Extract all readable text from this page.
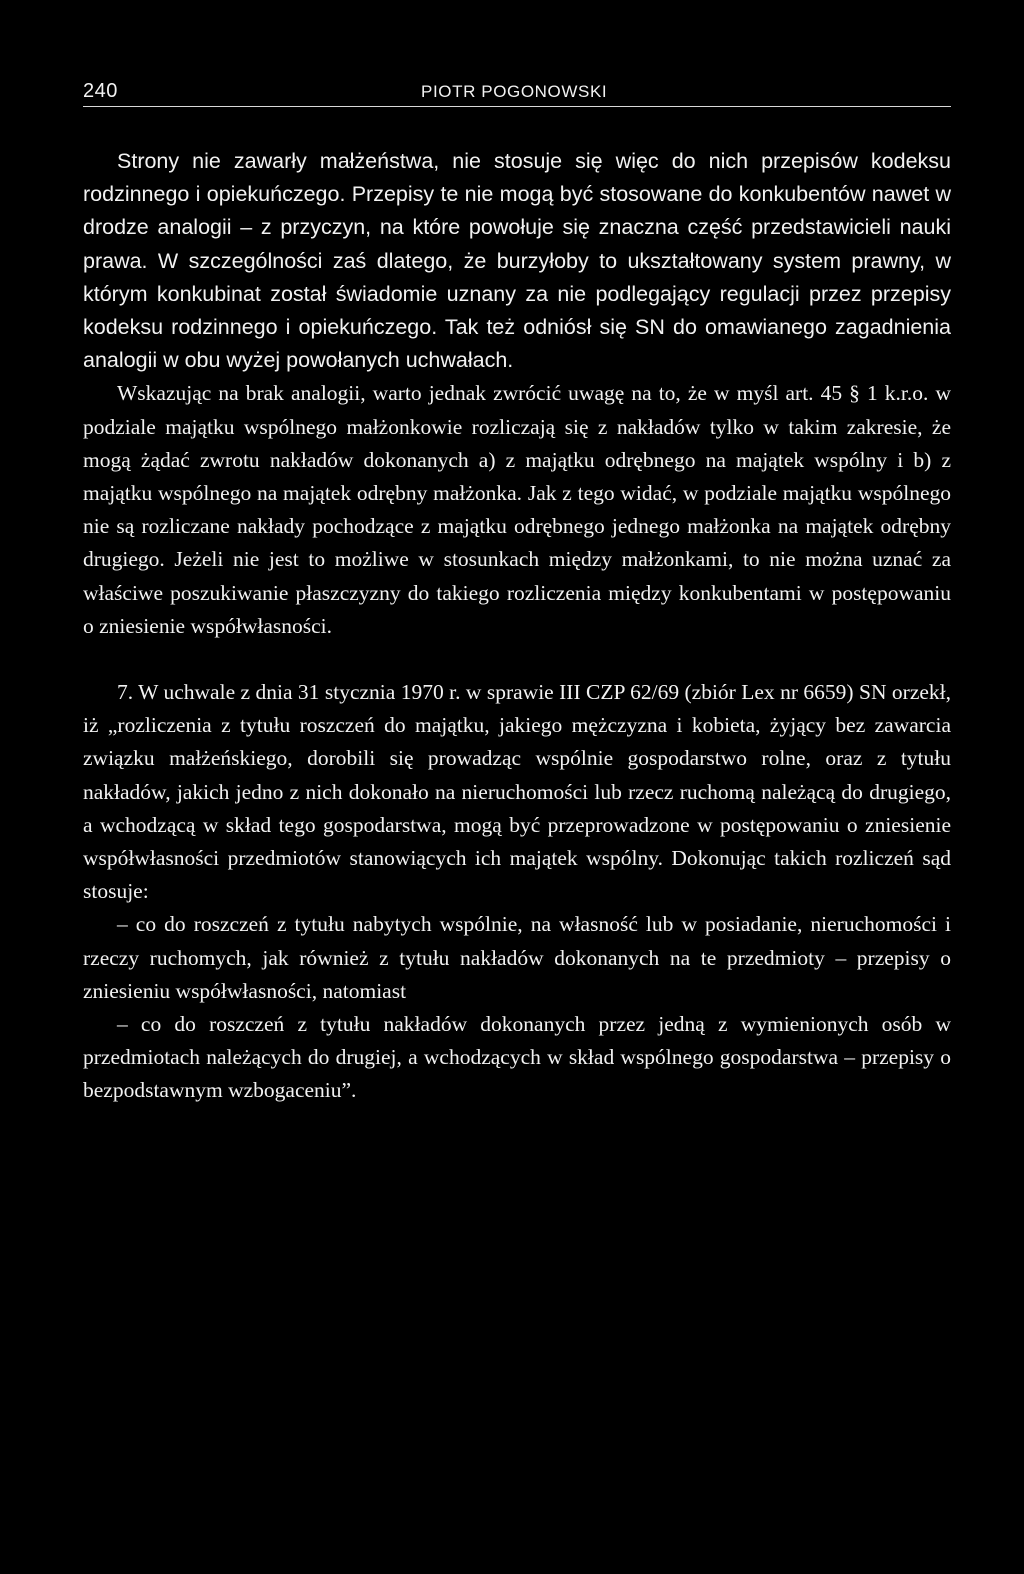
240	PIOTR POGONOWSKI

Strony nie zawarły małżeństwa, nie stosuje się więc do nich przepisów kodeksu rodzinnego i opiekuńczego. Przepisy te nie mogą być stosowane do konkubentów nawet w drodze analogii – z przyczyn, na które powołuje się znaczna część przedstawicieli nauki prawa. W szczególności zaś dlatego, że burzyłoby to ukształtowany system prawny, w którym konkubinat został świadomie uznany za nie podlegający regulacji przez przepisy kodeksu rodzinnego i opiekuńczego. Tak też odniósł się SN do omawianego zagadnienia analogii w obu wyżej powołanych uchwałach.

Wskazując na brak analogii, warto jednak zwrócić uwagę na to, że w myśl art. 45 § 1 k.r.o. w podziale majątku wspólnego małżonkowie rozliczają się z nakładów tylko w takim zakresie, że mogą żądać zwrotu nakładów dokonanych a) z majątku odrębnego na majątek wspólny i b) z majątku wspólnego na majątek odrębny małżonka. Jak z tego widać, w podziale majątku wspólnego nie są rozliczane nakłady pochodzące z majątku odrębnego jednego małżonka na majątek odrębny drugiego. Jeżeli nie jest to możliwe w stosunkach między małżonkami, to nie można uznać za właściwe poszukiwanie płaszczyzny do takiego rozliczenia między konkubentami w postępowaniu o zniesienie współwłasności.

7. W uchwale z dnia 31 stycznia 1970 r. w sprawie III CZP 62/69 (zbiór Lex nr 6659) SN orzekł, iż „rozliczenia z tytułu roszczeń do majątku, jakiego mężczyzna i kobieta, żyjący bez zawarcia związku małżeńskiego, dorobili się prowadząc wspólnie gospodarstwo rolne, oraz z tytułu nakładów, jakich jedno z nich dokonało na nieruchomości lub rzecz ruchomą należącą do drugiego, a wchodzącą w skład tego gospodarstwa, mogą być przeprowadzone w postępowaniu o zniesienie współwłasności przedmiotów stanowiących ich majątek wspólny. Dokonując takich rozliczeń sąd stosuje:

– co do roszczeń z tytułu nabytych wspólnie, na własność lub w posiadanie, nieruchomości i rzeczy ruchomych, jak również z tytułu nakładów dokonanych na te przedmioty – przepisy o zniesieniu współwłasności, natomiast

– co do roszczeń z tytułu nakładów dokonanych przez jedną z wymienionych osób w przedmiotach należących do drugiej, a wchodzących w skład wspólnego gospodarstwa – przepisy o bezpodstawnym wzbogaceniu”.
